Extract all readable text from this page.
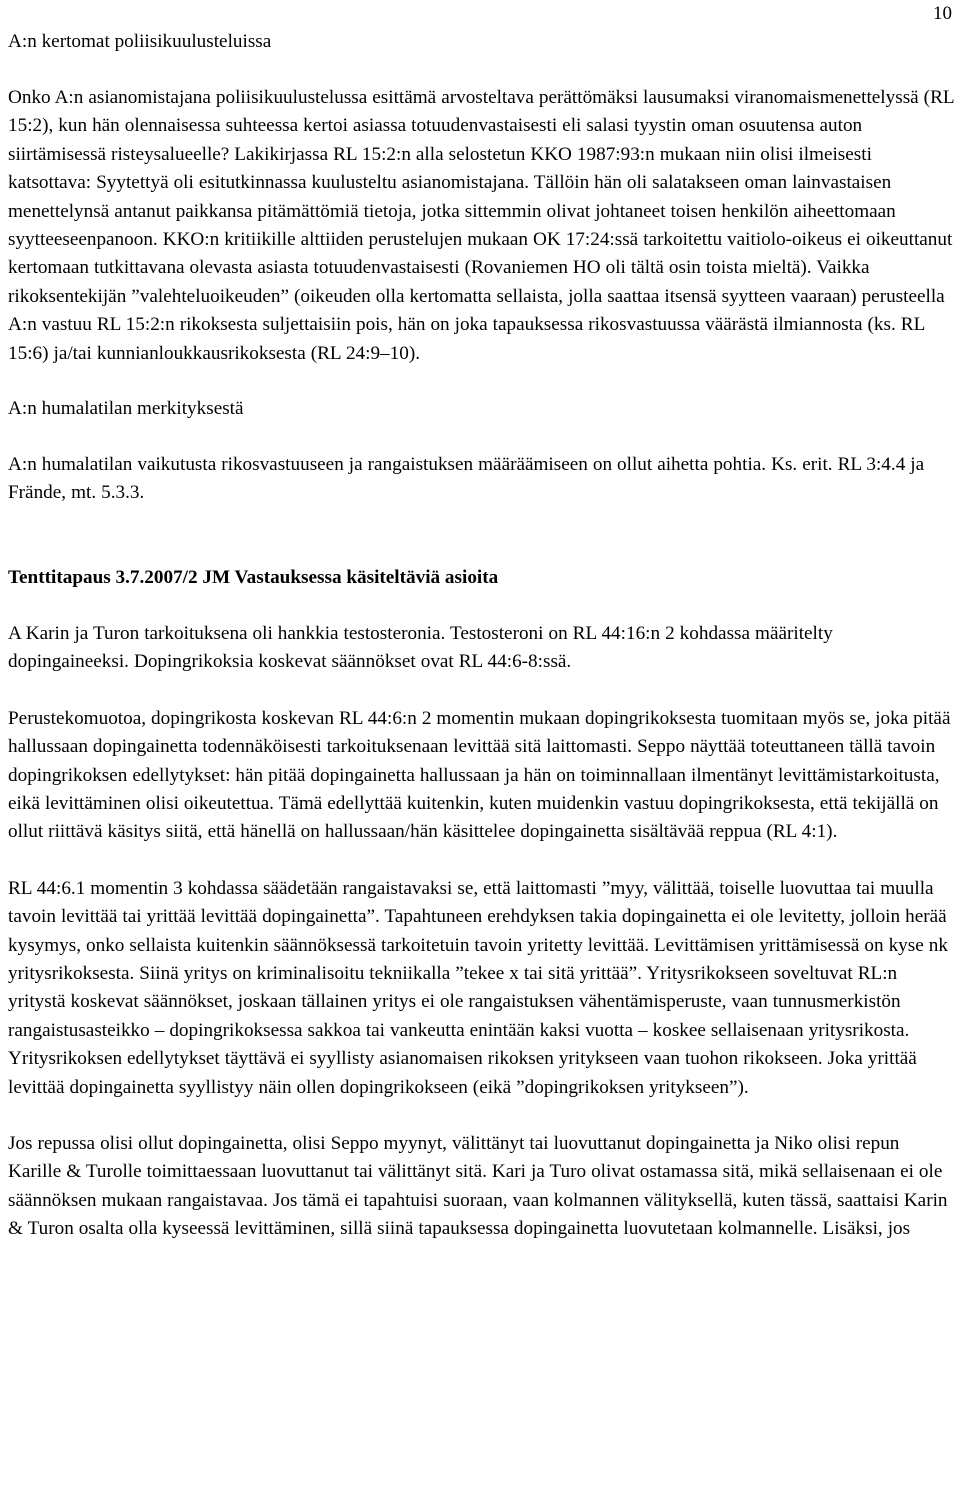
10
A:n kertomat poliisikuulusteluissa

Onko A:n asianomistajana poliisikuulustelussa esittämä arvosteltava perättömäksi lausumaksi viranomaismenettelyssä (RL 15:2), kun hän olennaisessa suhteessa kertoi asiassa totuudenvastaisesti eli salasi tyystin oman osuutensa auton siirtämisessä risteysalueelle? Lakikirjassa RL 15:2:n alla selostetun KKO 1987:93:n mukaan niin olisi ilmeisesti katsottava: Syytettyä oli esitutkinnassa kuulusteltu asianomistajana. Tällöin hän oli salatakseen oman lainvastaisen menettelynsä antanut paikkansa pitämättömiä tietoja, jotka sittemmin olivat johtaneet toisen henkilön aiheettomaan syytteeseenpanoon. KKO:n kritiikille alttiiden perustelujen mukaan OK 17:24:ssä tarkoitettu vaitiolo-oikeus ei oikeuttanut kertomaan tutkittavana olevasta asiasta totuudenvastaisesti (Rovaniemen HO oli tältä osin toista mieltä). Vaikka rikoksentekijän ”valehteluoikeuden” (oikeuden olla kertomatta sellaista, jolla saattaa itsensä syytteen vaaraan) perusteella A:n vastuu RL 15:2:n rikoksesta suljettaisiin pois, hän on joka tapauksessa rikosvastuussa väärästä ilmiannosta (ks. RL 15:6) ja/tai kunnianloukkausrikoksesta (RL 24:9–10).

A:n humalatilan merkityksestä

A:n humalatilan vaikutusta rikosvastuuseen ja rangaistuksen määräämiseen on ollut aihetta pohtia. Ks. erit. RL 3:4.4 ja Frände, mt. 5.3.3.

Tenttitapaus 3.7.2007/2 JM Vastauksessa käsiteltäviä asioita

A Karin ja Turon tarkoituksena oli hankkia testosteronia. Testosteroni on RL 44:16:n 2 kohdassa määritelty dopingaineeksi. Dopingrikoksia koskevat säännökset ovat RL 44:6-8:ssä.

Perustekomuotoa, dopingrikosta koskevan RL 44:6:n 2 momentin mukaan dopingrikoksesta tuomitaan myös se, joka pitää hallussaan dopingainetta todennäköisesti tarkoituksenaan levittää sitä laittomasti. Seppo näyttää toteuttaneen tällä tavoin dopingrikoksen edellytykset: hän pitää dopingainetta hallussaan ja hän on toiminnallaan ilmentänyt levittämistarkoitusta, eikä levittäminen olisi oikeutettua. Tämä edellyttää kuitenkin, kuten muidenkin vastuu dopingrikoksesta, että tekijällä on ollut riittävä käsitys siitä, että hänellä on hallussaan/hän käsittelee dopingainetta sisältävää reppua (RL 4:1).

RL 44:6.1 momentin 3 kohdassa säädetään rangaistavaksi se, että laittomasti ”myy, välittää, toiselle luovuttaa tai muulla tavoin levittää tai yrittää levittää dopingainetta”. Tapahtuneen erehdyksen takia dopingainetta ei ole levitetty, jolloin herää kysymys, onko sellaista kuitenkin säännöksessä tarkoitetuin tavoin yritetty levittää. Levittämisen yrittämisessä on kyse nk yritysrikoksesta. Siinä yritys on kriminalisoitu tekniikalla ”tekee x tai sitä yrittää”. Yritysrikokseen soveltuvat RL:n yritystä koskevat säännökset, joskaan tällainen yritys ei ole rangaistuksen vähentämisperuste, vaan tunnusmerkistön rangaistusasteikko – dopingrikoksessa sakkoa tai vankeutta enintään kaksi vuotta – koskee sellaisenaan yritysrikosta. Yritysrikoksen edellytykset täyttävä ei syyllisty asianomaisen rikoksen yritykseen vaan tuohon rikokseen. Joka yrittää levittää dopingainetta syyllistyy näin ollen dopingrikokseen (eikä ”dopingrikoksen yritykseen”).

Jos repussa olisi ollut dopingainetta, olisi Seppo myynyt, välittänyt tai luovuttanut dopingainetta ja Niko olisi repun Karille & Turolle toimittaessaan luovuttanut tai välittänyt sitä. Kari ja Turo olivat ostamassa sitä, mikä sellaisenaan ei ole säännöksen mukaan rangaistavaa. Jos tämä ei tapahtuisi suoraan, vaan kolmannen välityksellä, kuten tässä, saattaisi Karin & Turon osalta olla kyseessä levittäminen, sillä siinä tapauksessa dopingainetta luovutetaan kolmannelle. Lisäksi, jos
